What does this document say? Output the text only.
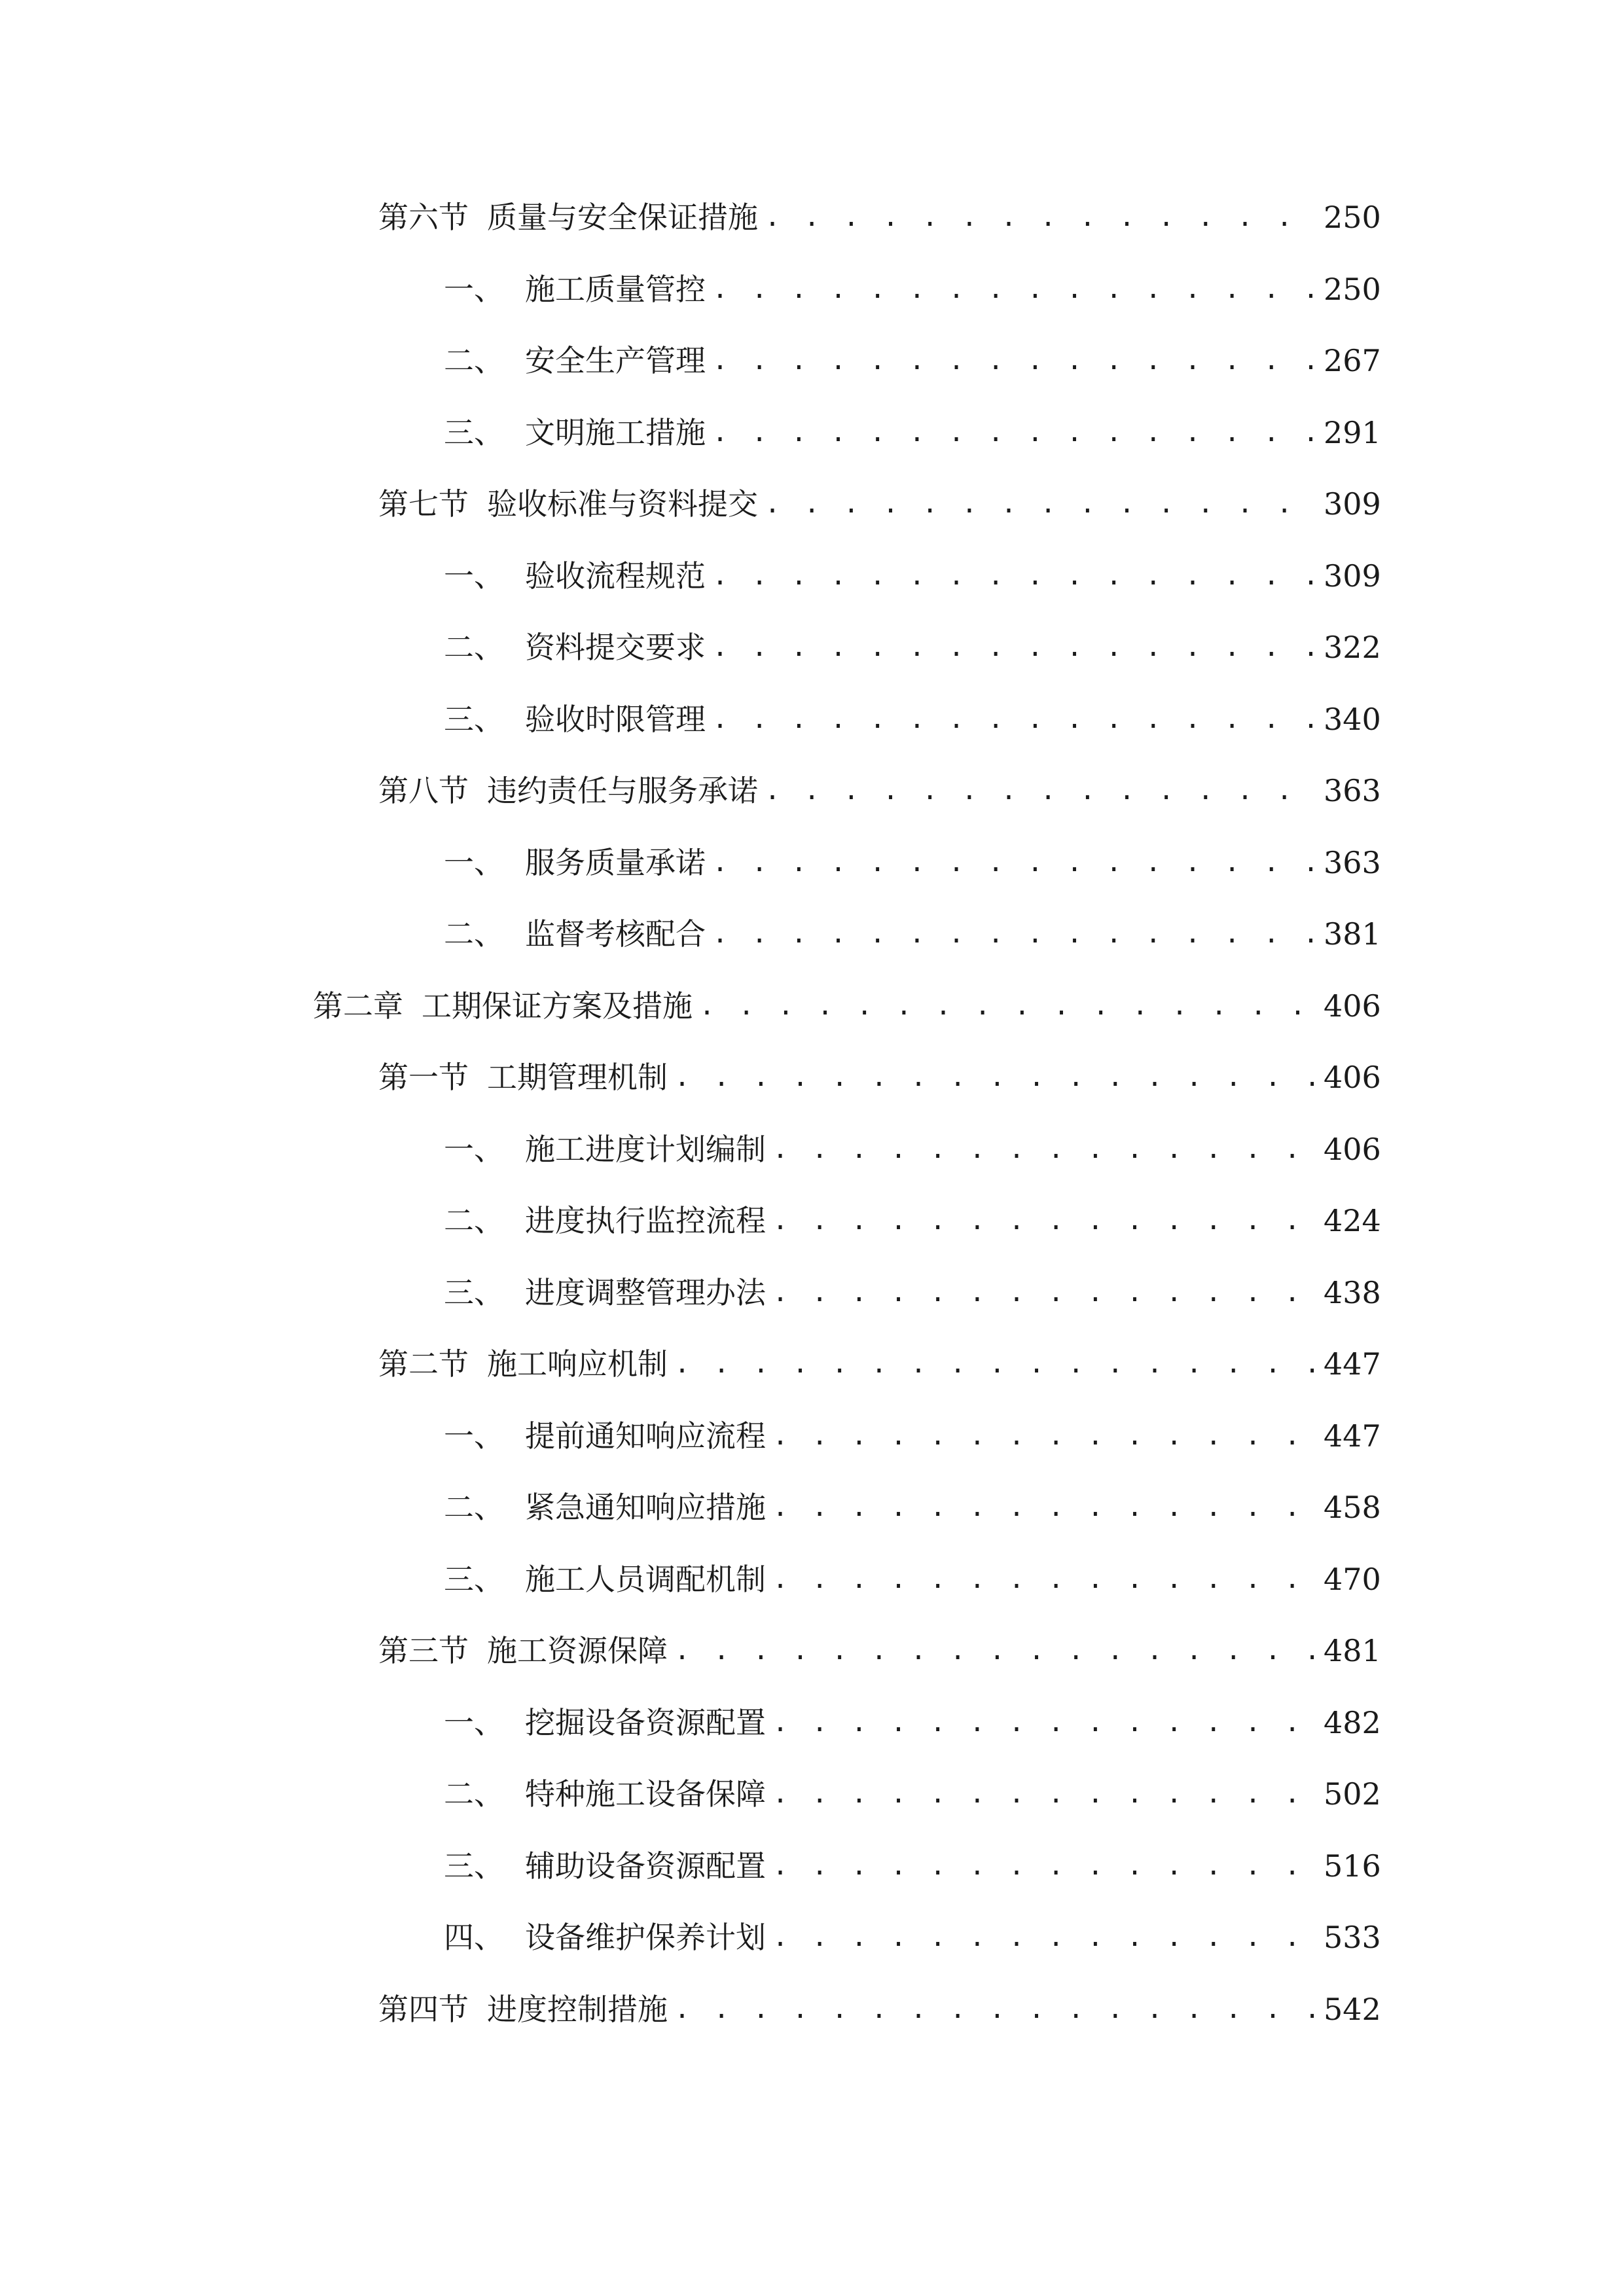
第六节 质量与安全保证措施 . . .	250
一、 施工质量管控 . . .	250
二、 安全生产管理 . . .	267
三、 文明施工措施 . . .	291
第七节 验收标准与资料提交 . . .	309
一、 验收流程规范 . . .	309
二、 资料提交要求 . . .	322
三、 验收时限管理 . . .	340
第八节 违约责任与服务承诺 . . .	363
一、 服务质量承诺 . . .	363
二、 监督考核配合 . . .	381
第二章 工期保证方案及措施 . . .	406
第一节 工期管理机制 . . .	406
一、 施工进度计划编制 . . .	406
二、 进度执行监控流程 . . .	424
三、 进度调整管理办法 . . .	438
第二节 施工响应机制 . . .	447
一、 提前通知响应流程 . . .	447
二、 紧急通知响应措施 . . .	458
三、 施工人员调配机制 . . .	470
第三节 施工资源保障 . . .	481
一、 挖掘设备资源配置 . . .	482
二、 特种施工设备保障 . . .	502
三、 辅助设备资源配置 . . .	516
四、 设备维护保养计划 . . .	533
第四节 进度控制措施 . . .	542
